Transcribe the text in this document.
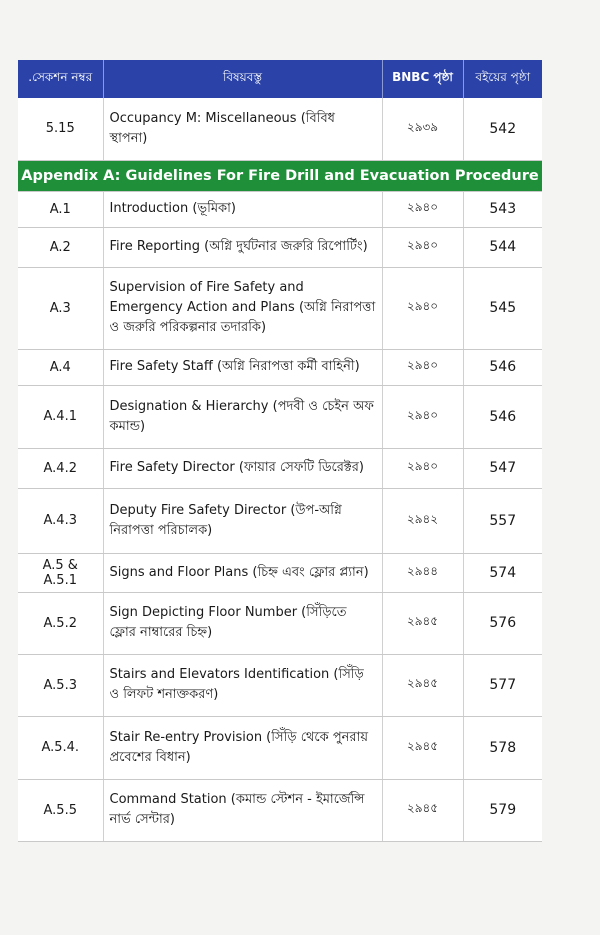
.সেকশন নম্বর	বিষয়বস্তু	BNBC পৃষ্ঠা	বইয়ের পৃষ্ঠা
5.15	Occupancy M: Miscellaneous (বিবিধ স্থাপনা)	২৯৩৯	542
Appendix A: Guidelines For Fire Drill and Evacuation Procedure			
A.1	Introduction (ভূমিকা)	২৯৪০	543
A.2	Fire Reporting (অগ্নি দুর্ঘটনার জরুরি রিপোর্টিং)	২৯৪০	544
A.3	Supervision of Fire Safety and Emergency Action and Plans (অগ্নি নিরাপত্তা ও জরুরি পরিকল্পনার তদারকি)	২৯৪০	545
A.4	Fire Safety Staff (অগ্নি নিরাপত্তা কর্মী বাহিনী)	২৯৪০	546
A.4.1	Designation & Hierarchy (পদবী ও চেইন অফ কমান্ড)	২৯৪০	546
A.4.2	Fire Safety Director (ফায়ার সেফটি ডিরেক্টর)	২৯৪০	547
A.4.3	Deputy Fire Safety Director (উপ-অগ্নি নিরাপত্তা পরিচালক)	২৯৪২	557
A.5 & A.5.1	Signs and Floor Plans (চিহ্ন এবং ফ্লোর প্ল্যান)	২৯৪৪	574
A.5.2	Sign Depicting Floor Number (সিঁড়িতে ফ্লোর নাম্বারের চিহ্ন)	২৯৪৫	576
A.5.3	Stairs and Elevators Identification (সিঁড়ি ও লিফট শনাক্তকরণ)	২৯৪৫	577
A.5.4.	Stair Re-entry Provision (সিঁড়ি থেকে পুনরায় প্রবেশের বিধান)	২৯৪৫	578
A.5.5	Command Station (কমান্ড স্টেশন - ইমার্জেন্সি নার্ভ সেন্টার)	২৯৪৫	579
